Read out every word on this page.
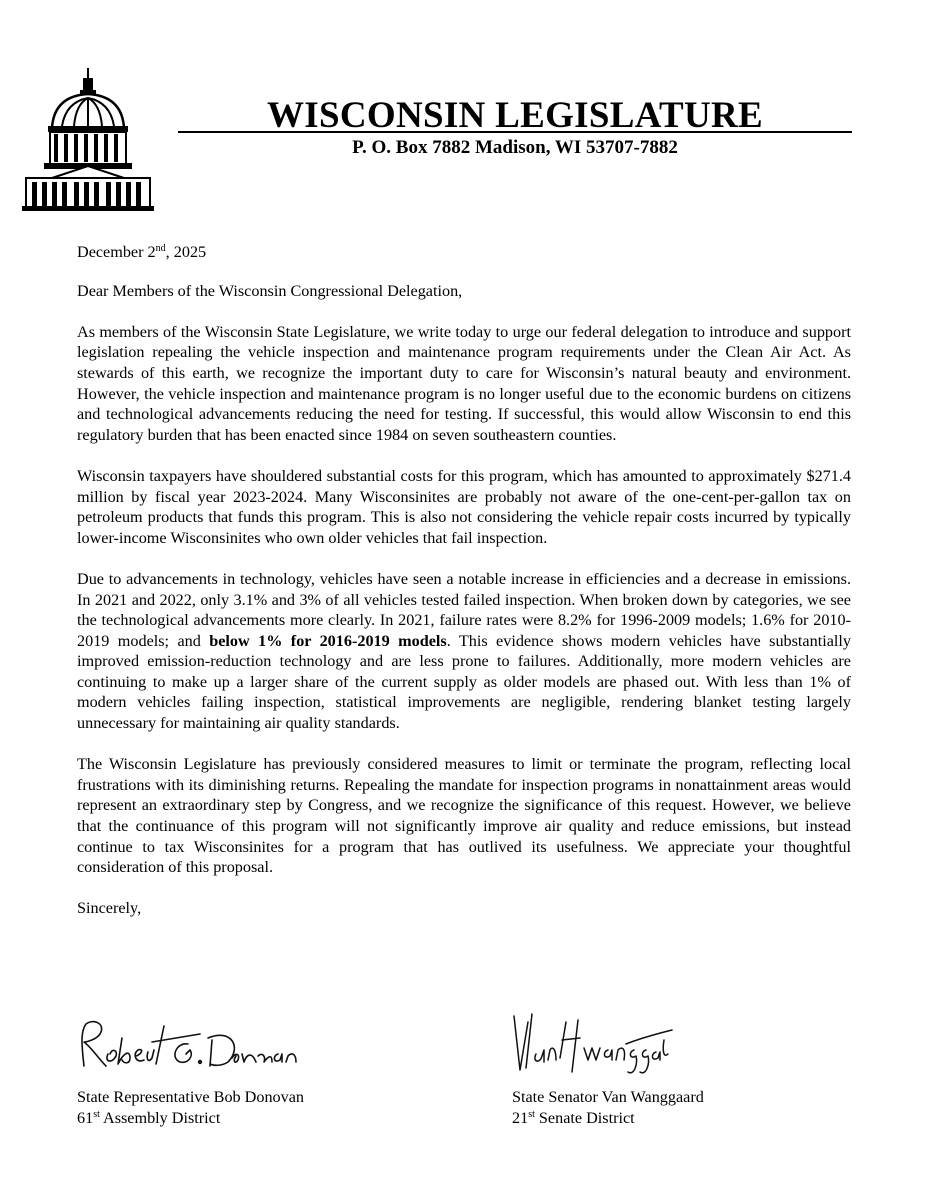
WISCONSIN LEGISLATURE
P. O. Box 7882 Madison, WI 53707-7882

December 2nd, 2025

Dear Members of the Wisconsin Congressional Delegation,

As members of the Wisconsin State Legislature, we write today to urge our federal delegation to introduce and support legislation repealing the vehicle inspection and maintenance program requirements under the Clean Air Act. As stewards of this earth, we recognize the important duty to care for Wisconsin’s natural beauty and environment. However, the vehicle inspection and maintenance program is no longer useful due to the economic burdens on citizens and technological advancements reducing the need for testing. If successful, this would allow Wisconsin to end this regulatory burden that has been enacted since 1984 on seven southeastern counties.

Wisconsin taxpayers have shouldered substantial costs for this program, which has amounted to approximately $271.4 million by fiscal year 2023-2024. Many Wisconsinites are probably not aware of the one-cent-per-gallon tax on petroleum products that funds this program. This is also not considering the vehicle repair costs incurred by typically lower-income Wisconsinites who own older vehicles that fail inspection.

Due to advancements in technology, vehicles have seen a notable increase in efficiencies and a decrease in emissions. In 2021 and 2022, only 3.1% and 3% of all vehicles tested failed inspection. When broken down by categories, we see the technological advancements more clearly. In 2021, failure rates were 8.2% for 1996-2009 models; 1.6% for 2010-2019 models; and below 1% for 2016-2019 models. This evidence shows modern vehicles have substantially improved emission-reduction technology and are less prone to failures. Additionally, more modern vehicles are continuing to make up a larger share of the current supply as older models are phased out. With less than 1% of modern vehicles failing inspection, statistical improvements are negligible, rendering blanket testing largely unnecessary for maintaining air quality standards.

The Wisconsin Legislature has previously considered measures to limit or terminate the program, reflecting local frustrations with its diminishing returns. Repealing the mandate for inspection programs in nonattainment areas would represent an extraordinary step by Congress, and we recognize the significance of this request. However, we believe that the continuance of this program will not significantly improve air quality and reduce emissions, but instead continue to tax Wisconsinites for a program that has outlived its usefulness. We appreciate your thoughtful consideration of this proposal.

Sincerely,

State Representative Bob Donovan
61st Assembly District
State Senator Van Wanggaard
21st Senate District
